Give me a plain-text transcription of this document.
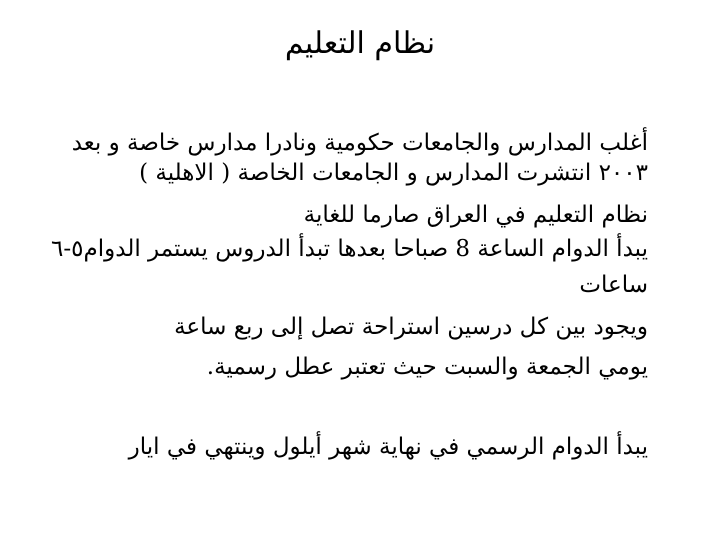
نظام التعليم

أغلب المدارس والجامعات حكومية ونادرا مدارس خاصة و بعد

٢٠٠٣ انتشرت المدارس و الجامعات الخاصة ( الاهلية )

نظام التعليم في العراق صارما للغاية

يبدأ الدوام الساعة 8 صباحا بعدها تبدأ الدروس يستمر الدوام٥-٦

ساعات

ويجود بين كل درسين استراحة تصل إلى ربع ساعة

يومي الجمعة والسبت حيث تعتبر عطل رسمية.

يبدأ الدوام الرسمي في نهاية شهر أيلول وينتهي في ايار
